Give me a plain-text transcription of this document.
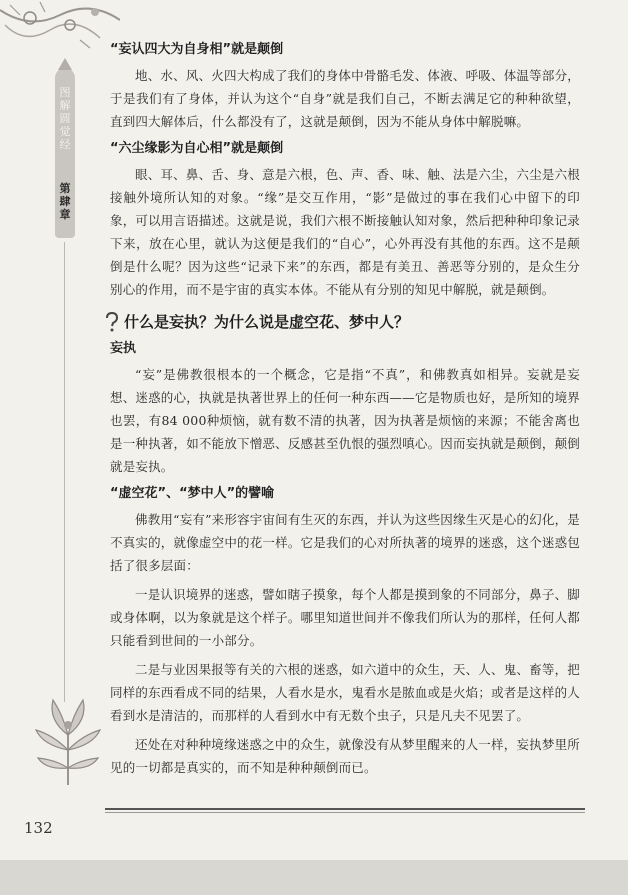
图解圆觉经
第肆章
“妄认四大为自身相”就是颠倒

地、水、风、火四大构成了我们的身体中骨骼毛发、体液、呼吸、体温等部分，于是我们有了身体，并认为这个“自身”就是我们自己，不断去满足它的种种欲望，直到四大解体后，什么都没有了，这就是颠倒，因为不能从身体中解脱嘛。

“六尘缘影为自心相”就是颠倒

眼、耳、鼻、舌、身、意是六根，色、声、香、味、触、法是六尘，六尘是六根接触外境所认知的对象。“缘”是交互作用，“影”是做过的事在我们心中留下的印象，可以用言语描述。这就是说，我们六根不断接触认知对象，然后把种种印象记录下来，放在心里，就认为这便是我们的“自心”，心外再没有其他的东西。这不是颠倒是什么呢？因为这些“记录下来”的东西，都是有美丑、善恶等分别的，是众生分别心的作用，而不是宇宙的真实本体。不能从有分别的知见中解脱，就是颠倒。

什么是妄执？为什么说是虚空花、梦中人？
妄执

“妄”是佛教很根本的一个概念，它是指“不真”，和佛教真如相异。妄就是妄想、迷惑的心，执就是执著世界上的任何一种东西——它是物质也好，是所知的境界也罢，有84 000种烦恼，就有数不清的执著，因为执著是烦恼的来源；不能舍离也是一种执著，如不能放下憎恶、反感甚至仇恨的强烈嗔心。因而妄执就是颠倒，颠倒就是妄执。

“虚空花”、“梦中人”的譬喻

佛教用“妄有”来形容宇宙间有生灭的东西，并认为这些因缘生灭是心的幻化，是不真实的，就像虚空中的花一样。它是我们的心对所执著的境界的迷惑，这个迷惑包括了很多层面：

一是认识境界的迷惑，譬如瞎子摸象，每个人都是摸到象的不同部分，鼻子、脚或身体啊，以为象就是这个样子。哪里知道世间并不像我们所认为的那样，任何人都只能看到世间的一小部分。

二是与业因果报等有关的六根的迷惑，如六道中的众生，天、人、鬼、畜等，把同样的东西看成不同的结果，人看水是水，鬼看水是脓血或是火焰；或者是这样的人看到水是清洁的，而那样的人看到水中有无数个虫子，只是凡夫不见罢了。

还处在对种种境缘迷惑之中的众生，就像没有从梦里醒来的人一样，妄执梦里所见的一切都是真实的，而不知是种种颠倒而已。

132
